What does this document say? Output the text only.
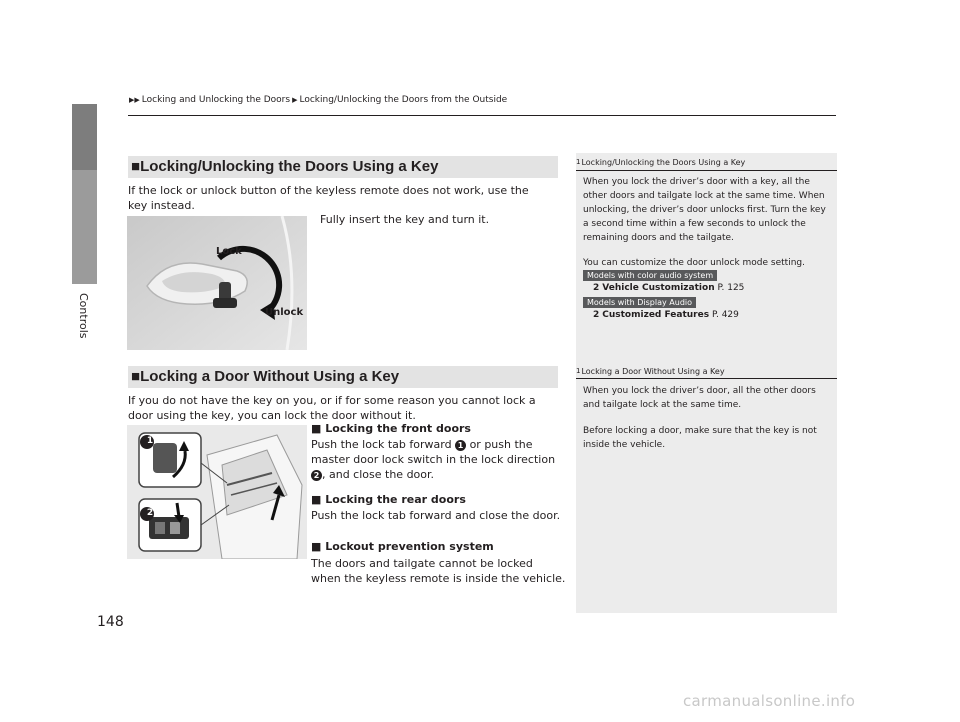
Controls
▶▶ Locking and Unlocking the Doors ▶ Locking/Unlocking the Doors from the Outside
■Locking/Unlocking the Doors Using a Key
If the lock or unlock button of the keyless remote does not work, use the key instead.
Fully insert the key and turn it.
Lock
Unlock
1Locking/Unlocking the Doors Using a Key
When you lock the driver’s door with a key, all the other doors and tailgate lock at the same time. When unlocking, the driver’s door unlocks first. Turn the key a second time within a few seconds to unlock the remaining doors and the tailgate.
You can customize the door unlock mode setting.
Models with color audio system
2 Vehicle Customization P. 125
Models with Display Audio
2 Customized Features P. 429
■Locking a Door Without Using a Key
If you do not have the key on you, or if for some reason you cannot lock a door using the key, you can lock the door without it.
1
2
■ Locking the front doors
Push the lock tab forward 1 or push the master door lock switch in the lock direction
2 , and close the door.
■ Locking the rear doors
Push the lock tab forward and close the door.
■ Lockout prevention system
The doors and tailgate cannot be locked when the keyless remote is inside the vehicle.
1Locking a Door Without Using a Key
When you lock the driver’s door, all the other doors and tailgate lock at the same time.
Before locking a door, make sure that the key is not inside the vehicle.
148
carmanualsonline.info
